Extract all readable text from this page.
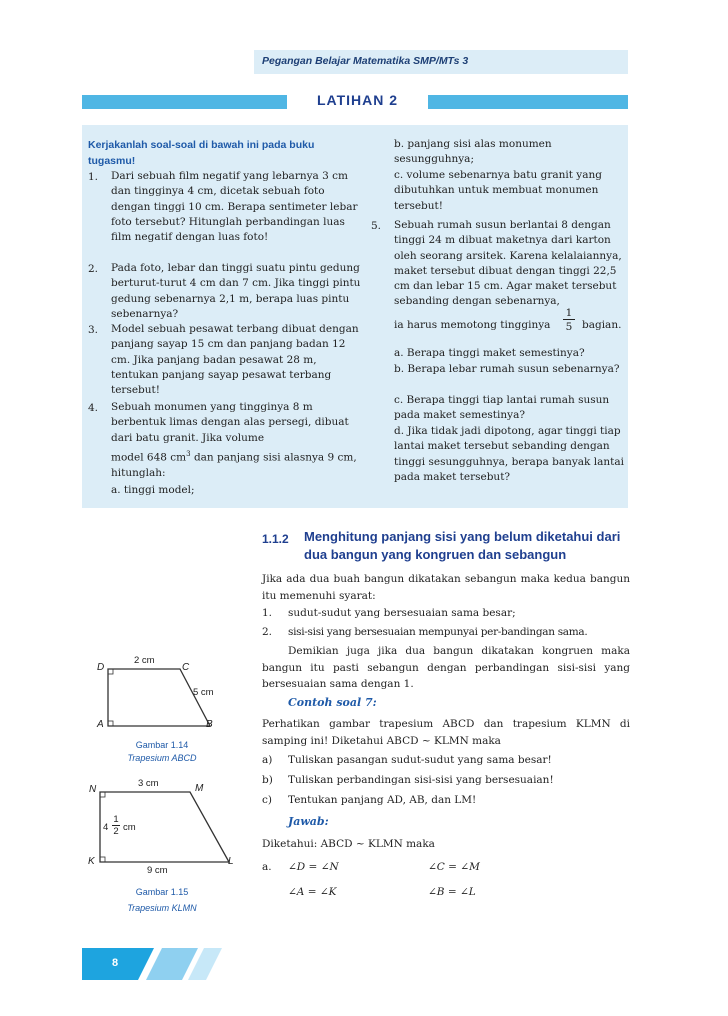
Pegangan Belajar Matematika SMP/MTs 3
LATIHAN 2
Kerjakanlah soal-soal di bawah ini pada buku tugasmu!
1. Dari sebuah film negatif yang lebarnya 3 cm dan tingginya 4 cm, dicetak sebuah foto dengan tinggi 10 cm. Berapa sentimeter lebar foto tersebut? Hitunglah perbandingan luas film negatif dengan luas foto!
2. Pada foto, lebar dan tinggi suatu pintu gedung berturut-turut 4 cm dan 7 cm. Jika tinggi pintu gedung sebenarnya 2,1 m, berapa luas pintu sebenarnya?
3. Model sebuah pesawat terbang dibuat dengan panjang sayap 15 cm dan panjang badan 12 cm. Jika panjang badan pesawat 28 m, tentukan panjang sayap pesawat terbang tersebut!
4. Sebuah monumen yang tingginya 8 m berbentuk limas dengan alas persegi, dibuat dari batu granit. Jika volume
model 648 $cm^3$ dan panjang sisi alasnya 9 cm, hitunglah:
a. tinggi model;
b. panjang sisi alas monumen sesungguhnya;
c. volume sebenarnya batu granit yang dibutuhkan untuk membuat monumen tersebut!
5. Sebuah rumah susun berlantai 8 dengan tinggi 24 m dibuat maketnya dari karton oleh seorang arsitek. Karena kelalaiannya, maket tersebut dibuat dengan tinggi 22,5 cm dan lebar 15 cm. Agar maket tersebut sebanding dengan sebenarnya,
ia harus memotong tingginya
1
5 bagian.
a. Berapa tinggi maket semestinya?
b. Berapa lebar rumah susun sebenarnya?
c. Berapa tinggi tiap lantai rumah susun pada maket semestinya?
d. Jika tidak jadi dipotong, agar tinggi tiap lantai maket tersebut sebanding dengan tinggi sesungguhnya, berapa banyak lantai pada maket tersebut?
1.1.2 Menghitung panjang sisi yang belum diketahui dari dua bangun yang kongruen dan sebangun
Jika ada dua buah bangun dikatakan sebangun maka kedua bangun itu memenuhi syarat:
1. sudut-sudut yang bersesuaian sama besar;
2. sisi-sisi yang bersesuaian mempunyai per-bandingan sama.
Demikian juga jika dua bangun dikatakan kongruen maka bangun itu pasti sebangun dengan perbandingan sisi-sisi yang bersesuaian sama dengan 1.
Contoh soal 7:
Perhatikan gambar trapesium ABCD dan trapesium KLMN di samping ini! Diketahui ABCD ~ KLMN maka
a) Tuliskan pasangan sudut-sudut yang sama besar!
b) Tuliskan perbandingan sisi-sisi yang bersesuaian!
c) Tentukan panjang AD, AB, dan LM!
Jawab:
Diketahui: ABCD ~ KLMN maka
a. ∠D = ∠N	∠C = ∠M
∠A = ∠K	∠B = ∠L
D	C
A	B
2 cm
5 cm
Gambar 1.14
Trapesium ABCD
N	M
K	L
3 cm
4
1
2 cm
9 cm
Gambar 1.15
Trapesium KLMN
8
